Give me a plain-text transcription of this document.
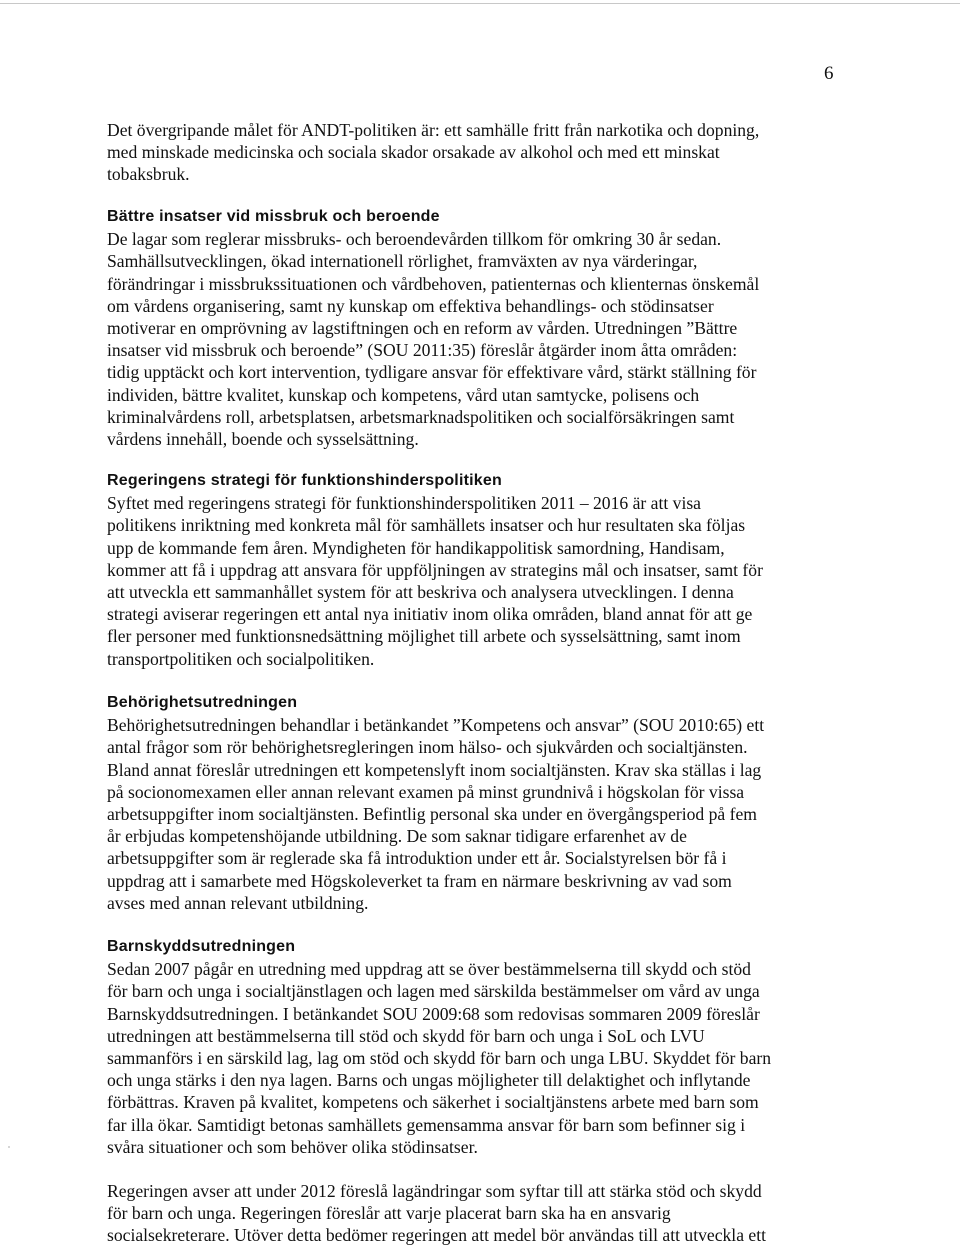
6
Det övergripande målet för ANDT-politiken är: ett samhälle fritt från narkotika och dopning,
med minskade medicinska och sociala skador orsakade av alkohol och med ett minskat
tobaksbruk.
Bättre insatser vid missbruk och beroende
De lagar som reglerar missbruks- och beroendevården tillkom för omkring 30 år sedan.
Samhällsutvecklingen, ökad internationell rörlighet, framväxten av nya värderingar,
förändringar i missbrukssituationen och vårdbehoven, patienternas och klienternas önskemål
om vårdens organisering, samt ny kunskap om effektiva behandlings- och stödinsatser
motiverar en omprövning av lagstiftningen och en reform av vården. Utredningen ”Bättre
insatser vid missbruk och beroende” (SOU 2011:35) föreslår åtgärder inom åtta områden:
tidig upptäckt och kort intervention, tydligare ansvar för effektivare vård, stärkt ställning för
individen, bättre kvalitet, kunskap och kompetens, vård utan samtycke, polisens och
kriminalvårdens roll, arbetsplatsen, arbetsmarknadspolitiken och socialförsäkringen samt
vårdens innehåll, boende och sysselsättning.
Regeringens strategi för funktionshinderspolitiken
Syftet med regeringens strategi för funktionshinderspolitiken 2011 – 2016 är att visa
politikens inriktning med konkreta mål för samhällets insatser och hur resultaten ska följas
upp de kommande fem åren. Myndigheten för handikappolitisk samordning, Handisam,
kommer att få i uppdrag att ansvara för uppföljningen av strategins mål och insatser, samt för
att utveckla ett sammanhållet system för att beskriva och analysera utvecklingen. I denna
strategi aviserar regeringen ett antal nya initiativ inom olika områden, bland annat för att ge
fler personer med funktionsnedsättning möjlighet till arbete och sysselsättning, samt inom
transportpolitiken och socialpolitiken.
Behörighetsutredningen
Behörighetsutredningen behandlar i betänkandet ”Kompetens och ansvar” (SOU 2010:65) ett
antal frågor som rör behörighetsregleringen inom hälso- och sjukvården och socialtjänsten.
Bland annat föreslår utredningen ett kompetenslyft inom socialtjänsten. Krav ska ställas i lag
på socionomexamen eller annan relevant examen på minst grundnivå i högskolan för vissa
arbetsuppgifter inom socialtjänsten. Befintlig personal ska under en övergångsperiod på fem
år erbjudas kompetenshöjande utbildning. De som saknar tidigare erfarenhet av de
arbetsuppgifter som är reglerade ska få introduktion under ett år. Socialstyrelsen bör få i
uppdrag att i samarbete med Högskoleverket ta fram en närmare beskrivning av vad som
avses med annan relevant utbildning.
Barnskyddsutredningen
Sedan 2007 pågår en utredning med uppdrag att se över bestämmelserna till skydd och stöd
för barn och unga i socialtjänstlagen och lagen med särskilda bestämmelser om vård av unga
Barnskyddsutredningen. I betänkandet SOU 2009:68 som redovisas sommaren 2009 föreslår
utredningen att bestämmelserna till stöd och skydd för barn och unga i SoL och LVU
sammanförs i en särskild lag, lag om stöd och skydd för barn och unga LBU. Skyddet för barn
och unga stärks i den nya lagen. Barns och ungas möjligheter till delaktighet och inflytande
förbättras. Kraven på kvalitet, kompetens och säkerhet i socialtjänstens arbete med barn som
far illa ökar. Samtidigt betonas samhällets gemensamma ansvar för barn som befinner sig i
svåra situationer och som behöver olika stödinsatser.
Regeringen avser att under 2012 föreslå lagändringar som syftar till att stärka stöd och skydd
för barn och unga. Regeringen föreslår att varje placerat barn ska ha en ansvarig
socialsekreterare. Utöver detta bedömer regeringen att medel bör användas till att utveckla ett
